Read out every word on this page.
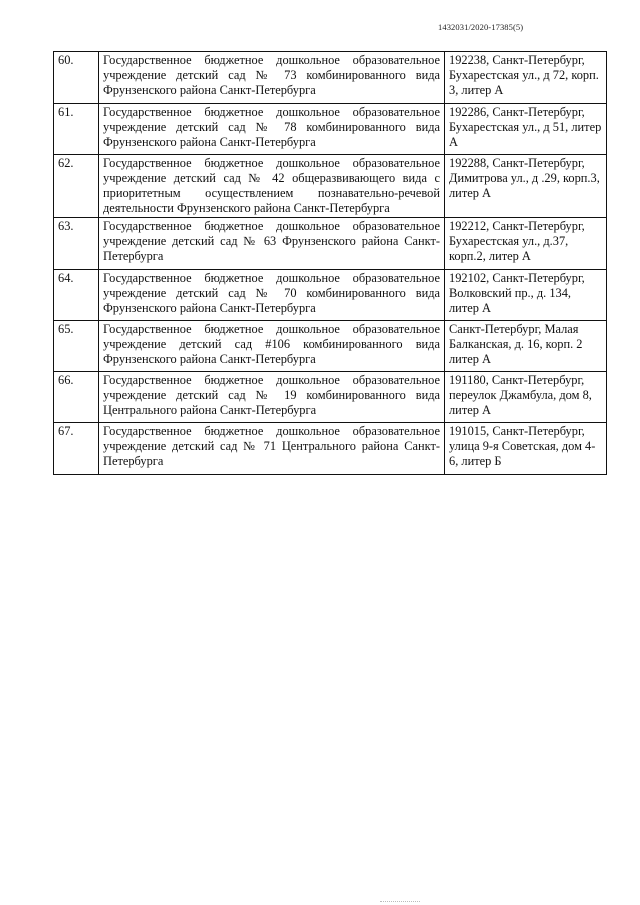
1432031/2020-17385(5)
60.	Государственное бюджетное дошкольное образовательное учреждение детский сад № 73 комбинированного вида Фрунзенского района Санкт-Петербурга	192238, Санкт-Петербург, Бухарестская ул., д 72, корп. 3, литер А
61.	Государственное бюджетное дошкольное образовательное учреждение детский сад № 78 комбинированного вида Фрунзенского района Санкт-Петербурга	192286, Санкт-Петербург, Бухарестская ул., д 51, литер А
62.	Государственное бюджетное дошкольное образовательное учреждение детский сад № 42 общеразвивающего вида с приоритетным осуществлением познавательно-речевой деятельности Фрунзенского района Санкт-Петербурга	192288, Санкт-Петербург, Димитрова ул., д .29, корп.3, литер А
63.	Государственное бюджетное дошкольное образовательное учреждение детский сад № 63 Фрунзенского района Санкт-Петербурга	192212, Санкт-Петербург, Бухарестская ул., д.37, корп.2, литер А
64.	Государственное бюджетное дошкольное образовательное учреждение детский сад № 70 комбинированного вида Фрунзенского района Санкт-Петербурга	192102, Санкт-Петербург, Волковский пр., д. 134, литер А
65.	Государственное бюджетное дошкольное образовательное учреждение детский сад #106 комбинированного вида Фрунзенского района Санкт-Петербурга	Санкт-Петербург, Малая Балканская, д. 16, корп. 2 литер А
66.	Государственное бюджетное дошкольное образовательное учреждение детский сад № 19 комбинированного вида Центрального района Санкт-Петербурга	191180, Санкт-Петербург, переулок Джамбула, дом 8, литер А
67.	Государственное бюджетное дошкольное образовательное учреждение детский сад № 71 Центрального района Санкт-Петербурга	191015, Санкт-Петербург, улица 9-я Советская, дом 4-6, литер Б
